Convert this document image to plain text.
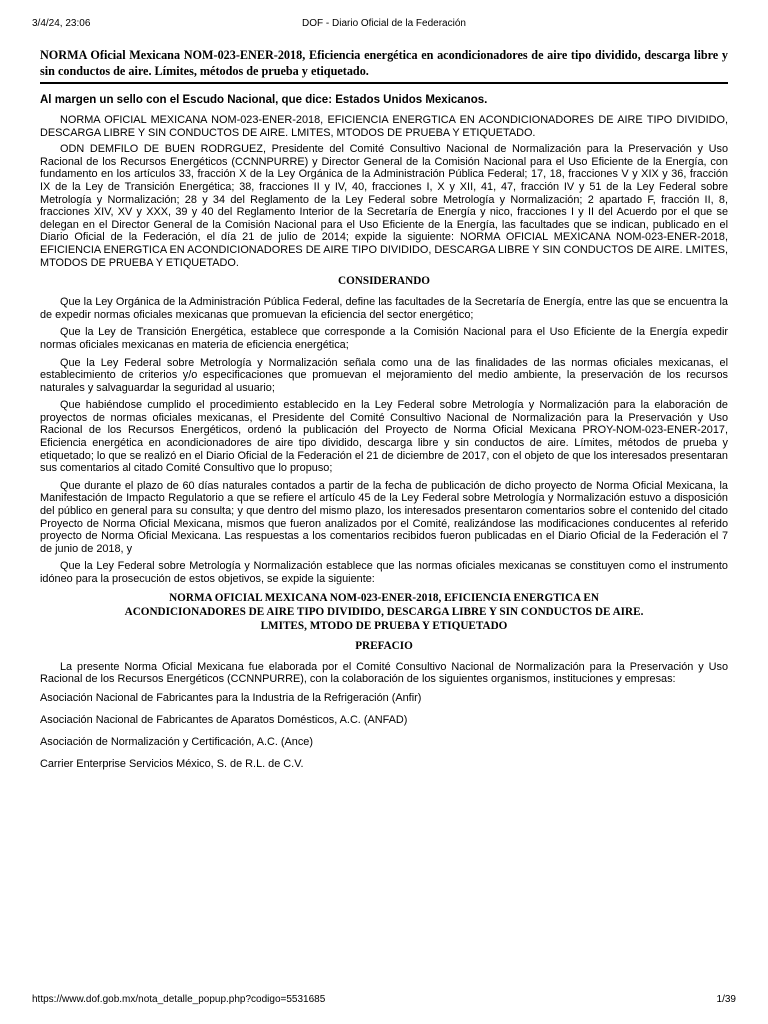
3/4/24, 23:06	DOF - Diario Oficial de la Federación
NORMA Oficial Mexicana NOM-023-ENER-2018, Eficiencia energética en acondicionadores de aire tipo dividido, descarga libre y sin conductos de aire. Límites, métodos de prueba y etiquetado.

Al margen un sello con el Escudo Nacional, que dice: Estados Unidos Mexicanos.

NORMA OFICIAL MEXICANA NOM-023-ENER-2018, EFICIENCIA ENERGTICA EN ACONDICIONADORES DE AIRE TIPO DIVIDIDO, DESCARGA LIBRE Y SIN CONDUCTOS DE AIRE. LMITES, MTODOS DE PRUEBA Y ETIQUETADO.

ODN DEMFILO DE BUEN RODRGUEZ, Presidente del Comité Consultivo Nacional de Normalización para la Preservación y Uso Racional de los Recursos Energéticos (CCNNPURRE) y Director General de la Comisión Nacional para el Uso Eficiente de la Energía, con fundamento en los artículos 33, fracción X de la Ley Orgánica de la Administración Pública Federal; 17, 18, fracciones V y XIX y 36, fracción IX de la Ley de Transición Energética; 38, fracciones II y IV, 40, fracciones I, X y XII, 41, 47, fracción IV y 51 de la Ley Federal sobre Metrología y Normalización; 28 y 34 del Reglamento de la Ley Federal sobre Metrología y Normalización; 2 apartado F, fracción II, 8, fracciones XIV, XV y XXX, 39 y 40 del Reglamento Interior de la Secretaría de Energía y nico, fracciones I y II del Acuerdo por el que se delegan en el Director General de la Comisión Nacional para el Uso Eficiente de la Energía, las facultades que se indican, publicado en el Diario Oficial de la Federación, el día 21 de julio de 2014; expide la siguiente: NORMA OFICIAL MEXICANA NOM-023-ENER-2018, EFICIENCIA ENERGTICA EN ACONDICIONADORES DE AIRE TIPO DIVIDIDO, DESCARGA LIBRE Y SIN CONDUCTOS DE AIRE. LMITES, MTODOS DE PRUEBA Y ETIQUETADO.

CONSIDERANDO

Que la Ley Orgánica de la Administración Pública Federal, define las facultades de la Secretaría de Energía, entre las que se encuentra la de expedir normas oficiales mexicanas que promuevan la eficiencia del sector energético;

Que la Ley de Transición Energética, establece que corresponde a la Comisión Nacional para el Uso Eficiente de la Energía expedir normas oficiales mexicanas en materia de eficiencia energética;

Que la Ley Federal sobre Metrología y Normalización señala como una de las finalidades de las normas oficiales mexicanas, el establecimiento de criterios y/o especificaciones que promuevan el mejoramiento del medio ambiente, la preservación de los recursos naturales y salvaguardar la seguridad al usuario;

Que habiéndose cumplido el procedimiento establecido en la Ley Federal sobre Metrología y Normalización para la elaboración de proyectos de normas oficiales mexicanas, el Presidente del Comité Consultivo Nacional de Normalización para la Preservación y Uso Racional de los Recursos Energéticos, ordenó la publicación del Proyecto de Norma Oficial Mexicana PROY-NOM-023-ENER-2017, Eficiencia energética en acondicionadores de aire tipo dividido, descarga libre y sin conductos de aire. Límites, métodos de prueba y etiquetado; lo que se realizó en el Diario Oficial de la Federación el 21 de diciembre de 2017, con el objeto de que los interesados presentaran sus comentarios al citado Comité Consultivo que lo propuso;

Que durante el plazo de 60 días naturales contados a partir de la fecha de publicación de dicho proyecto de Norma Oficial Mexicana, la Manifestación de Impacto Regulatorio a que se refiere el artículo 45 de la Ley Federal sobre Metrología y Normalización estuvo a disposición del público en general para su consulta; y que dentro del mismo plazo, los interesados presentaron comentarios sobre el contenido del citado Proyecto de Norma Oficial Mexicana, mismos que fueron analizados por el Comité, realizándose las modificaciones conducentes al referido proyecto de Norma Oficial Mexicana. Las respuestas a los comentarios recibidos fueron publicadas en el Diario Oficial de la Federación el 7 de junio de 2018, y

Que la Ley Federal sobre Metrología y Normalización establece que las normas oficiales mexicanas se constituyen como el instrumento idóneo para la prosecución de estos objetivos, se expide la siguiente:

NORMA OFICIAL MEXICANA NOM-023-ENER-2018, EFICIENCIA ENERGTICA EN
ACONDICIONADORES DE AIRE TIPO DIVIDIDO, DESCARGA LIBRE Y SIN CONDUCTOS DE AIRE.
LMITES, MTODO DE PRUEBA Y ETIQUETADO
PREFACIO

La presente Norma Oficial Mexicana fue elaborada por el Comité Consultivo Nacional de Normalización para la Preservación y Uso Racional de los Recursos Energéticos (CCNNPURRE), con la colaboración de los siguientes organismos, instituciones y empresas:

Asociación Nacional de Fabricantes para la Industria de la Refrigeración (Anfir)

Asociación Nacional de Fabricantes de Aparatos Domésticos, A.C. (ANFAD)

Asociación de Normalización y Certificación, A.C. (Ance)

Carrier Enterprise Servicios México, S. de R.L. de C.V.

https://www.dof.gob.mx/nota_detalle_popup.php?codigo=5531685	1/39
